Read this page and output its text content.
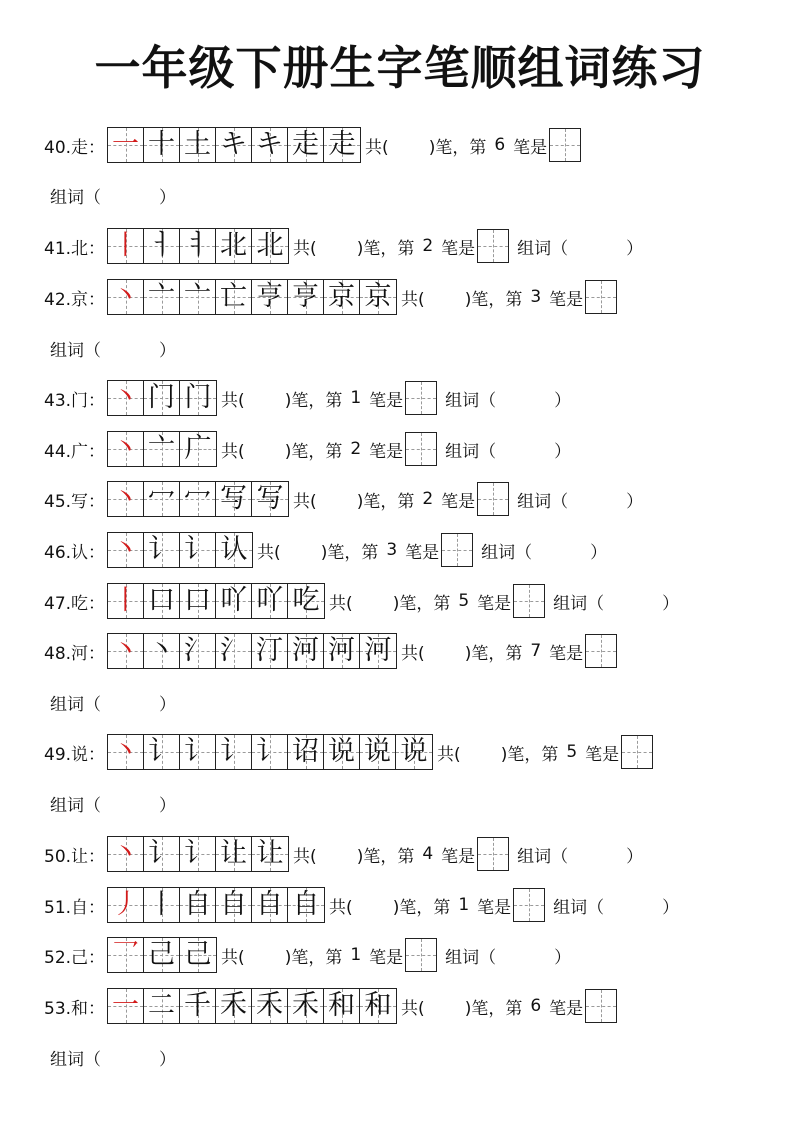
一年级下册生字笔顺组词练习
40.走： 一 十 土 キ キ 走 走 共( )笔，第 6 笔是
组词（	）
41.北： 丨 ㅓ ㅕ 北 北 共( )笔，第 2 笔是 组词（	）
42.京： 丶 亠 亠 亡 亨 亨 京 京 共( )笔，第 3 笔是
组词（	）
43.门： 丶 门 门 共( )笔，第 1 笔是 组词（	）
44.广： 丶 亠 广 共( )笔，第 2 笔是 组词（	）
45.写： 丶 冖 冖 写 写 共( )笔，第 2 笔是 组词（	）
46.认： 丶 讠 讠 认 共( )笔，第 3 笔是 组词（	）
47.吃： 丨 口 口 吖 吖 吃 共( )笔，第 5 笔是 组词（	）
48.河： 丶 丶 氵 氵 汀 河 河 河 共( )笔，第 7 笔是
组词（	）
49.说： 丶 讠 讠 讠 讠 诏 说 说 说 共( )笔，第 5 笔是
组词（	）
50.让： 丶 讠 讠 让 让 共( )笔，第 4 笔是 组词（	）
51.自： 丿 丨 自 自 自 自 共( )笔，第 1 笔是 组词（	）
52.己： 乛 己 己 共( )笔，第 1 笔是 组词（	）
53.和： 一 二 千 禾 禾 禾 和 和 共( )笔，第 6 笔是
组词（	）
